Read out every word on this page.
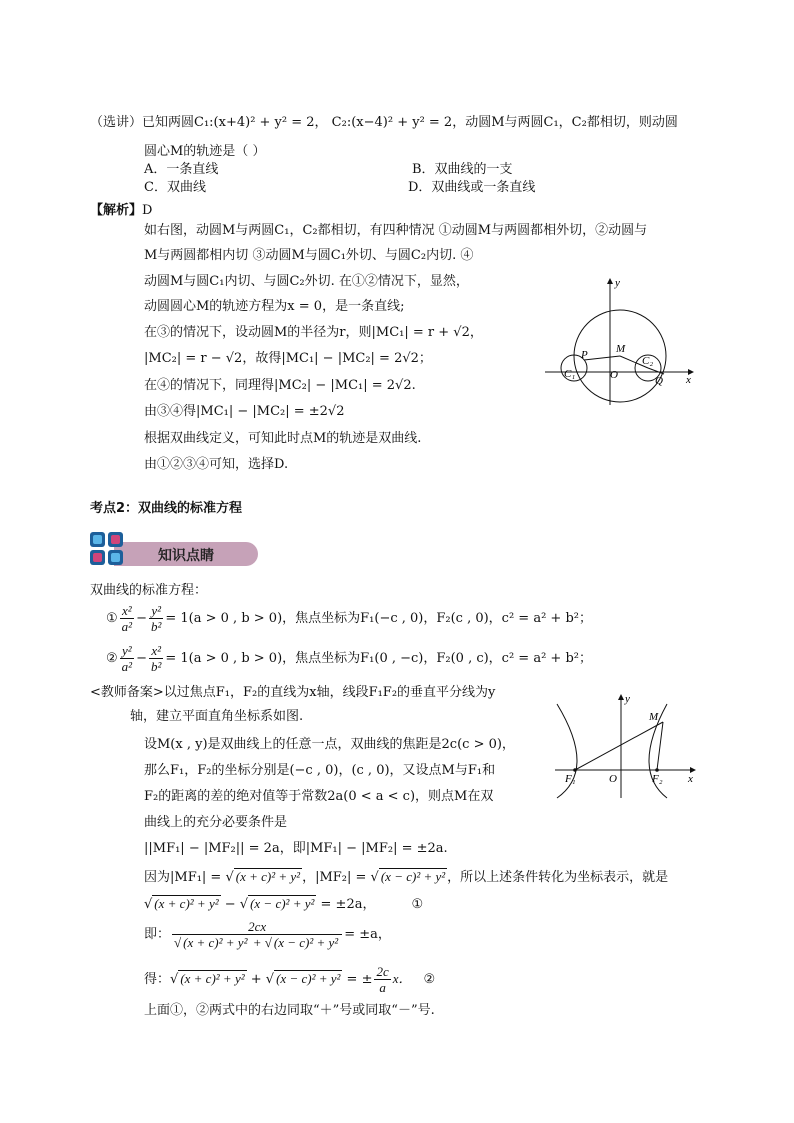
（选讲）已知两圆C₁:(x+4)² + y² = 2， C₂:(x−4)² + y² = 2，动圆M与两圆C₁，C₂都相切，则动圆
圆心M的轨迹是（ ）
A．一条直线	B．双曲线的一支
C．双曲线	D．双曲线或一条直线
【解析】D
如右图，动圆M与两圆C₁，C₂都相切，有四种情况 ①动圆M与两圆都相外切，②动圆与
M与两圆都相内切 ③动圆M与圆C₁外切、与圆C₂内切. ④
动圆M与圆C₁内切、与圆C₂外切. 在①②情况下，显然，
动圆圆心M的轨迹方程为x = 0，是一条直线;
在③的情况下，设动圆M的半径为r，则|MC₁| = r + √2，
|MC₂| = r − √2，故得|MC₁| − |MC₂| = 2√2；
在④的情况下，同理得|MC₂| − |MC₁| = 2√2.
由③④得|MC₁| − |MC₂| = ±2√2
根据双曲线定义，可知此时点M的轨迹是双曲线.
由①②③④可知，选择D.
y
x
M
P
C₁
C₂
O	Q
考点2：双曲线的标准方程
知识点睛
双曲线的标准方程：
① $\frac{\text{x²}}{\text{a²}} - \frac{\text{y²}}{\text{b²}} = 1(a > 0$ , b > 0)，焦点坐标为F₁(−c , 0)，F₂(c , 0)，c² = a² + b²；
② $\frac{\text{y²}}{\text{a²}} - \frac{\text{x²}}{\text{b²}} = 1(a > 0$ , b > 0)，焦点坐标为F₁(0 , −c)，F₂(0 , c)，c² = a² + b²；
<教师备案>以过焦点F₁，F₂的直线为x轴，线段F₁F₂的垂直平分线为y
轴，建立平面直角坐标系如图.
设M(x , y)是双曲线上的任意一点，双曲线的焦距是2c(c > 0)，
那么F₁，F₂的坐标分别是(−c , 0)，(c , 0)，又设点M与F₁和
F₂的距离的差的绝对值等于常数2a(0 < a < c)，则点M在双
曲线上的充分必要条件是
||MF₁| − |MF₂|| = 2a，即|MF₁| − |MF₂| = ±2a.
因为|MF₁| = √ (x + c)² + y² ，|MF₂| = √ (x − c)² + y² ，所以上述条件转化为坐标表示，就是
√ (x + c)² + y² − √ (x − c)² + y² = ±2a，	①
即： $\frac{2cx}{\text{√ (x + c)² + y² + √ (x − c)² + y²}} = \pm a$，
得：√ (x + c)² + y² + √ (x − c)² + y² = ± $\frac{2c}{a}$ x． ②
上面①，②两式中的右边同取“＋”号或同取“－”号.
y
x
M
F₁	O	F₂
